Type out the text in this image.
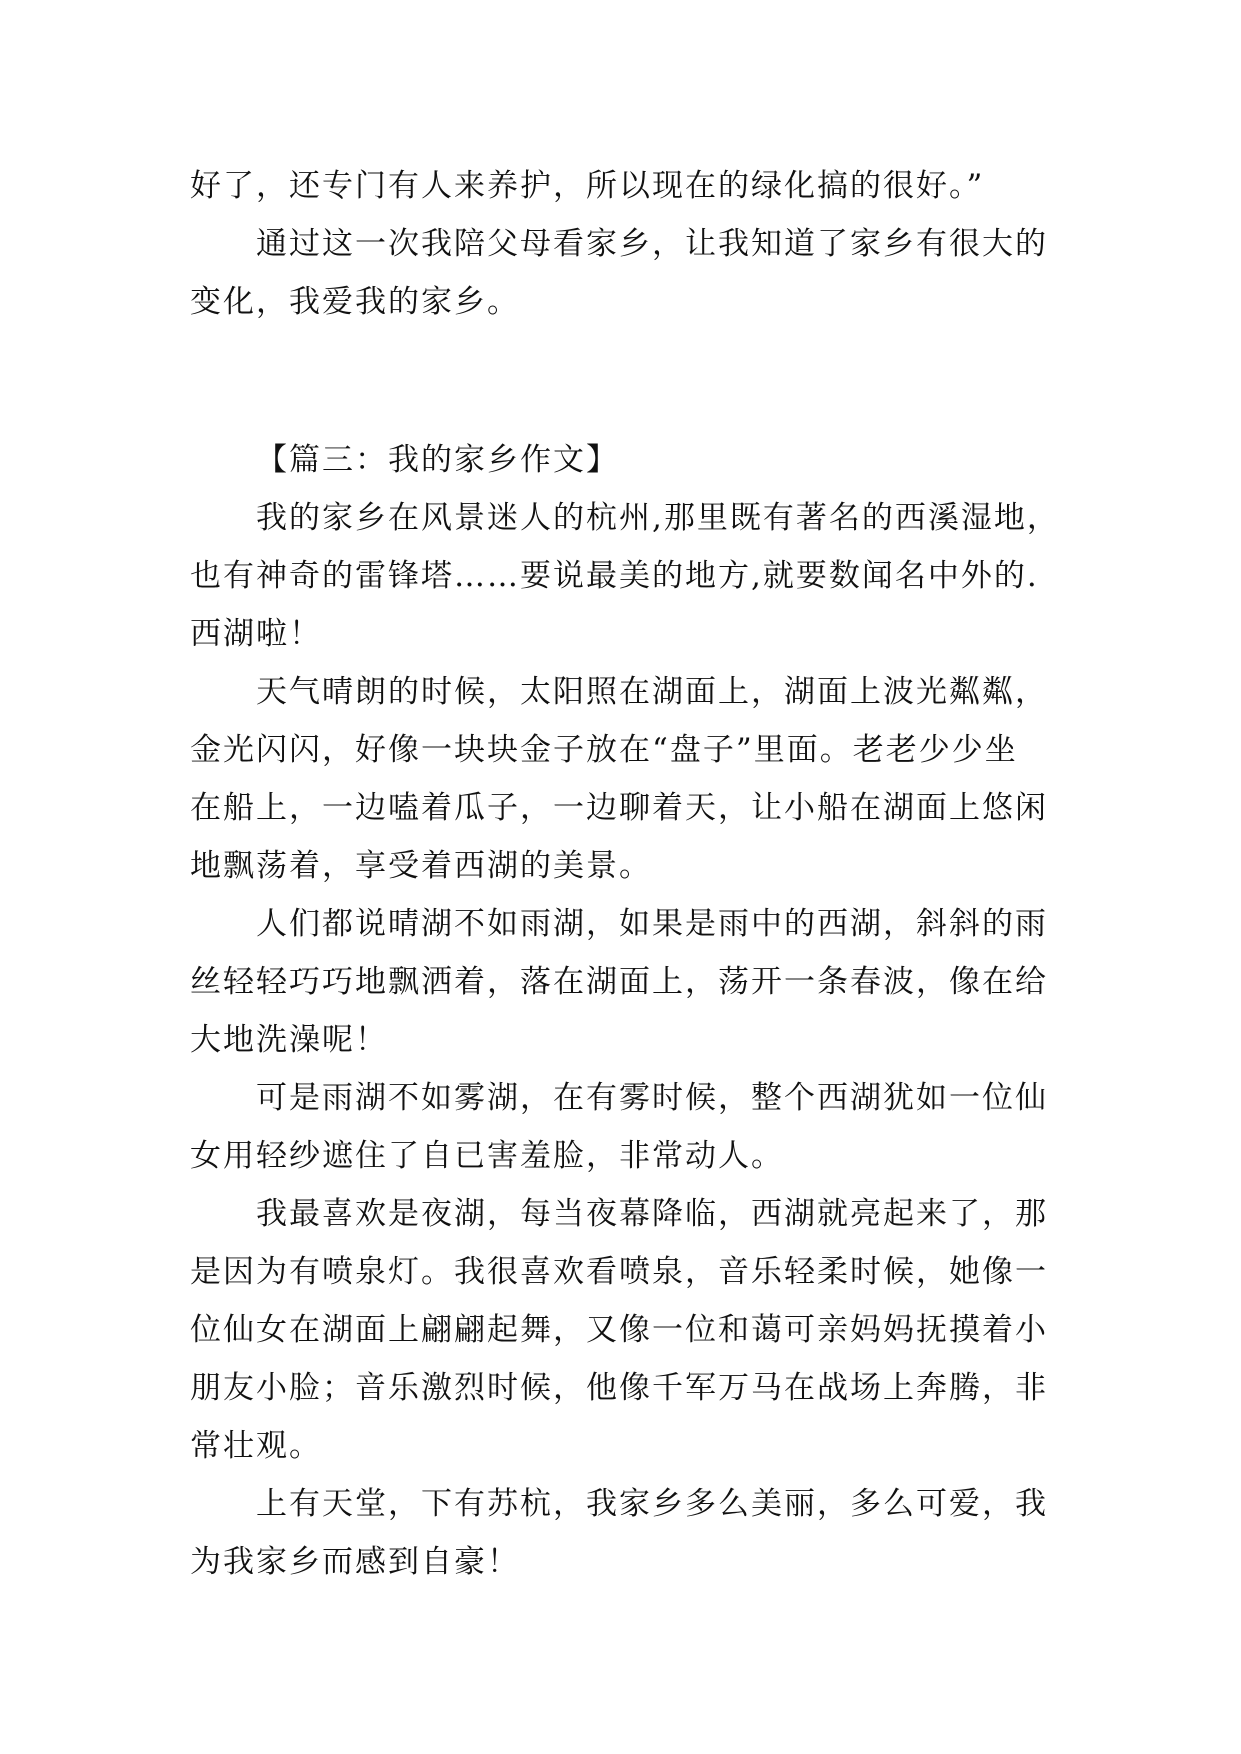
好了，还专门有人来养护，所以现在的绿化搞的很好。”
通过这一次我陪父母看家乡，让我知道了家乡有很大的
变化，我爱我的家乡。
【篇三：我的家乡作文】
我的家乡在风景迷人的杭州,那里既有著名的西溪湿地，
也有神奇的雷锋塔……要说最美的地方,就要数闻名中外的.
西湖啦！
天气晴朗的时候，太阳照在湖面上，湖面上波光粼粼，
金光闪闪，好像一块块金子放在“盘子”里面。老老少少坐
在船上，一边嗑着瓜子，一边聊着天，让小船在湖面上悠闲
地飘荡着，享受着西湖的美景。
人们都说晴湖不如雨湖，如果是雨中的西湖，斜斜的雨
丝轻轻巧巧地飘洒着，落在湖面上，荡开一条春波，像在给
大地洗澡呢！
可是雨湖不如雾湖，在有雾时候，整个西湖犹如一位仙
女用轻纱遮住了自已害羞脸，非常动人。
我最喜欢是夜湖，每当夜幕降临，西湖就亮起来了，那
是因为有喷泉灯。我很喜欢看喷泉，音乐轻柔时候，她像一
位仙女在湖面上翩翩起舞，又像一位和蔼可亲妈妈抚摸着小
朋友小脸；音乐激烈时候，他像千军万马在战场上奔腾，非
常壮观。
上有天堂，下有苏杭，我家乡多么美丽，多么可爱，我
为我家乡而感到自豪！
